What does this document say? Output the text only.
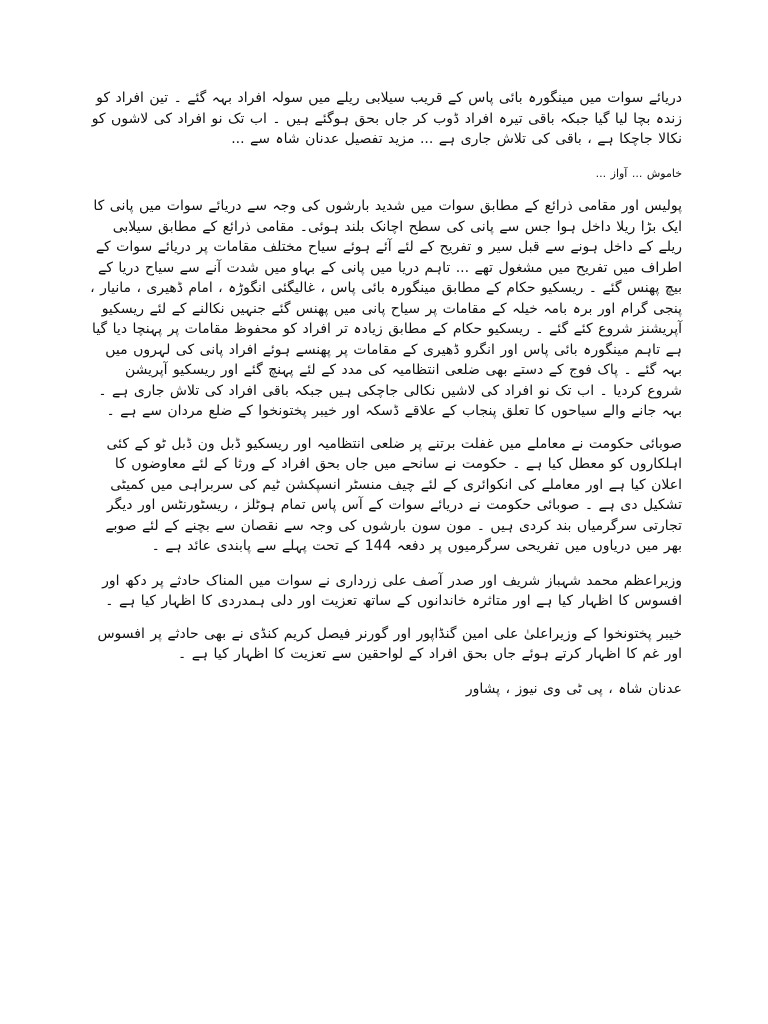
دریائے سوات میں مینگورہ بائی پاس کے قریب سیلابی ریلے میں سولہ افراد بہہ گئے ۔ تین افراد کو زندہ بچا لیا گیا جبکہ باقی تیرہ افراد ڈوب کر جاں بحق ہوگئے ہیں ۔ اب تک نو افراد کی لاشوں کو نکالا جاچکا ہے ، باقی کی تلاش جاری ہے ... مزید تفصیل عدنان شاہ سے ...

خاموش ... آواز ...

پولیس اور مقامی ذرائع کے مطابق سوات میں شدید بارشوں کی وجہ سے دریائے سوات میں پانی کا ایک بڑا ریلا داخل ہوا جس سے پانی کی سطح اچانک بلند ہوئی۔ مقامی ذرائع کے مطابق سیلابی ریلے کے داخل ہونے سے قبل سیر و تفریح کے لئے آئے ہوئے سیاح مختلف مقامات پر دریائے سوات کے اطراف میں تفریح میں مشغول تھے ... تاہم دریا میں پانی کے بہاو میں شدت آنے سے سیاح دریا کے بیچ پھنس گئے ۔ ریسکیو حکام کے مطابق مینگورہ بائی پاس ، غالیگئی انگوڑہ ، امام ڈھیری ، مانیار ، پنجی گرام اور برہ بامہ خیلہ کے مقامات پر سیاح پانی میں پھنس گئے جنہیں نکالنے کے لئے ریسکیو آپریشنز شروع کئے گئے ۔ ریسکیو حکام کے مطابق زیادہ تر افراد کو محفوظ مقامات پر پہنچا دیا گیا ہے تاہم مینگورہ بائی پاس اور انگرو ڈھیری کے مقامات پر پھنسے ہوئے افراد پانی کی لہروں میں بہہ گئے ۔ پاک فوج کے دستے بھی ضلعی انتظامیہ کی مدد کے لئے پہنچ گئے اور ریسکیو آپریشن شروع کردیا ۔ اب تک نو افراد کی لاشیں نکالی جاچکی ہیں جبکہ باقی افراد کی تلاش جاری ہے ۔ بہہ جانے والے سیاحوں کا تعلق پنجاب کے علاقے ڈسکہ اور خیبر پختونخوا کے ضلع مردان سے ہے ۔

صوبائی حکومت نے معاملے میں غفلت برتنے پر ضلعی انتظامیہ اور ریسکیو ڈبل ون ڈبل ٹو کے کئی اہلکاروں کو معطل کیا ہے ۔ حکومت نے سانحے میں جاں بحق افراد کے ورثا کے لئے معاوضوں کا اعلان کیا ہے اور معاملے کی انکوائری کے لئے چیف منسٹر انسپکشن ٹیم کی سربراہی میں کمیٹی تشکیل دی ہے ۔ صوبائی حکومت نے دریائے سوات کے آس پاس تمام ہوٹلز ، ریسٹورنٹس اور دیگر تجارتی سرگرمیاں بند کردی ہیں ۔ مون سون بارشوں کی وجہ سے نقصان سے بچنے کے لئے صوبے بھر میں دریاوں میں تفریحی سرگرمیوں پر دفعہ 144 کے تحت پہلے سے پابندی عائد ہے ۔

وزیراعظم محمد شہباز شریف اور صدر آصف علی زرداری نے سوات میں المناک حادثے پر دکھ اور افسوس کا اظہار کیا ہے اور متاثرہ خاندانوں کے ساتھ تعزیت اور دلی ہمدردی کا اظہار کیا ہے ۔

خیبر پختونخوا کے وزیراعلیٰ علی امین گنڈاپور اور گورنر فیصل کریم کنڈی نے بھی حادثے پر افسوس اور غم کا اظہار کرتے ہوئے جاں بحق افراد کے لواحقین سے تعزیت کا اظہار کیا ہے ۔

عدنان شاہ ، پی ٹی وی نیوز ، پشاور
